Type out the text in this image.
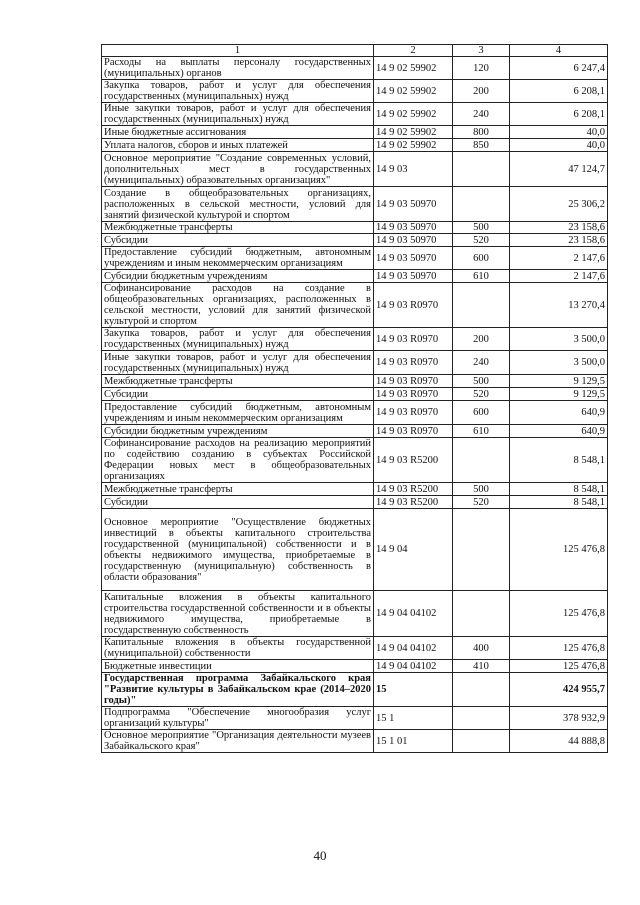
1	2	3	4
Расходы на выплаты персоналу государственных (муниципальных) органов	14 9 02 59902	120	6 247,4
Закупка товаров, работ и услуг для обеспечения государственных (муниципальных) нужд	14 9 02 59902	200	6 208,1
Иные закупки товаров, работ и услуг для обеспечения государственных (муниципальных) нужд	14 9 02 59902	240	6 208,1
Иные бюджетные ассигнования	14 9 02 59902	800	40,0
Уплата налогов, сборов и иных платежей	14 9 02 59902	850	40,0
Основное мероприятие "Создание современных условий, дополнительных мест в государственных (муниципальных) образовательных организациях"	14 9 03		47 124,7
Создание в общеобразовательных организациях, расположенных в сельской местности, условий для занятий физической культурой и спортом	14 9 03 50970		25 306,2
Межбюджетные трансферты	14 9 03 50970	500	23 158,6
Субсидии	14 9 03 50970	520	23 158,6
Предоставление субсидий бюджетным, автономным учреждениям и иным некоммерческим организациям	14 9 03 50970	600	2 147,6
Субсидии бюджетным учреждениям	14 9 03 50970	610	2 147,6
Софинансирование расходов на создание в общеобразовательных организациях, расположенных в сельской местности, условий для занятий физической культурой и спортом	14 9 03 R0970		13 270,4
Закупка товаров, работ и услуг для обеспечения государственных (муниципальных) нужд	14 9 03 R0970	200	3 500,0
Иные закупки товаров, работ и услуг для обеспечения государственных (муниципальных) нужд	14 9 03 R0970	240	3 500,0
Межбюджетные трансферты	14 9 03 R0970	500	9 129,5
Субсидии	14 9 03 R0970	520	9 129,5
Предоставление субсидий бюджетным, автономным учреждениям и иным некоммерческим организациям	14 9 03 R0970	600	640,9
Субсидии бюджетным учреждениям	14 9 03 R0970	610	640,9
Софинансирование расходов на реализацию мероприятий по содействию созданию в субъектах Российской Федерации новых мест в общеобразовательных организациях	14 9 03 R5200		8 548,1
Межбюджетные трансферты	14 9 03 R5200	500	8 548,1
Субсидии	14 9 03 R5200	520	8 548,1
Основное мероприятие "Осуществление бюджетных инвестиций в объекты капитального строительства государственной (муниципальной) собственности и в объекты недвижимого имущества, приобретаемые в государственную (муниципальную) собственность в области образования"	14 9 04		125 476,8
Капитальные вложения в объекты капитального строительства государственной собственности и в объекты недвижимого имущества, приобретаемые в государственную собственность	14 9 04 04102		125 476,8
Капитальные вложения в объекты государственной (муниципальной) собственности	14 9 04 04102	400	125 476,8
Бюджетные инвестиции	14 9 04 04102	410	125 476,8
Государственная программа Забайкальского края "Развитие культуры в Забайкальском крае (2014–2020 годы)"	15		424 955,7
Подпрограмма "Обеспечение многообразия услуг организаций культуры"	15 1		378 932,9
Основное мероприятие "Организация деятельности музеев Забайкальского края"	15 1 01		44 888,8
40
